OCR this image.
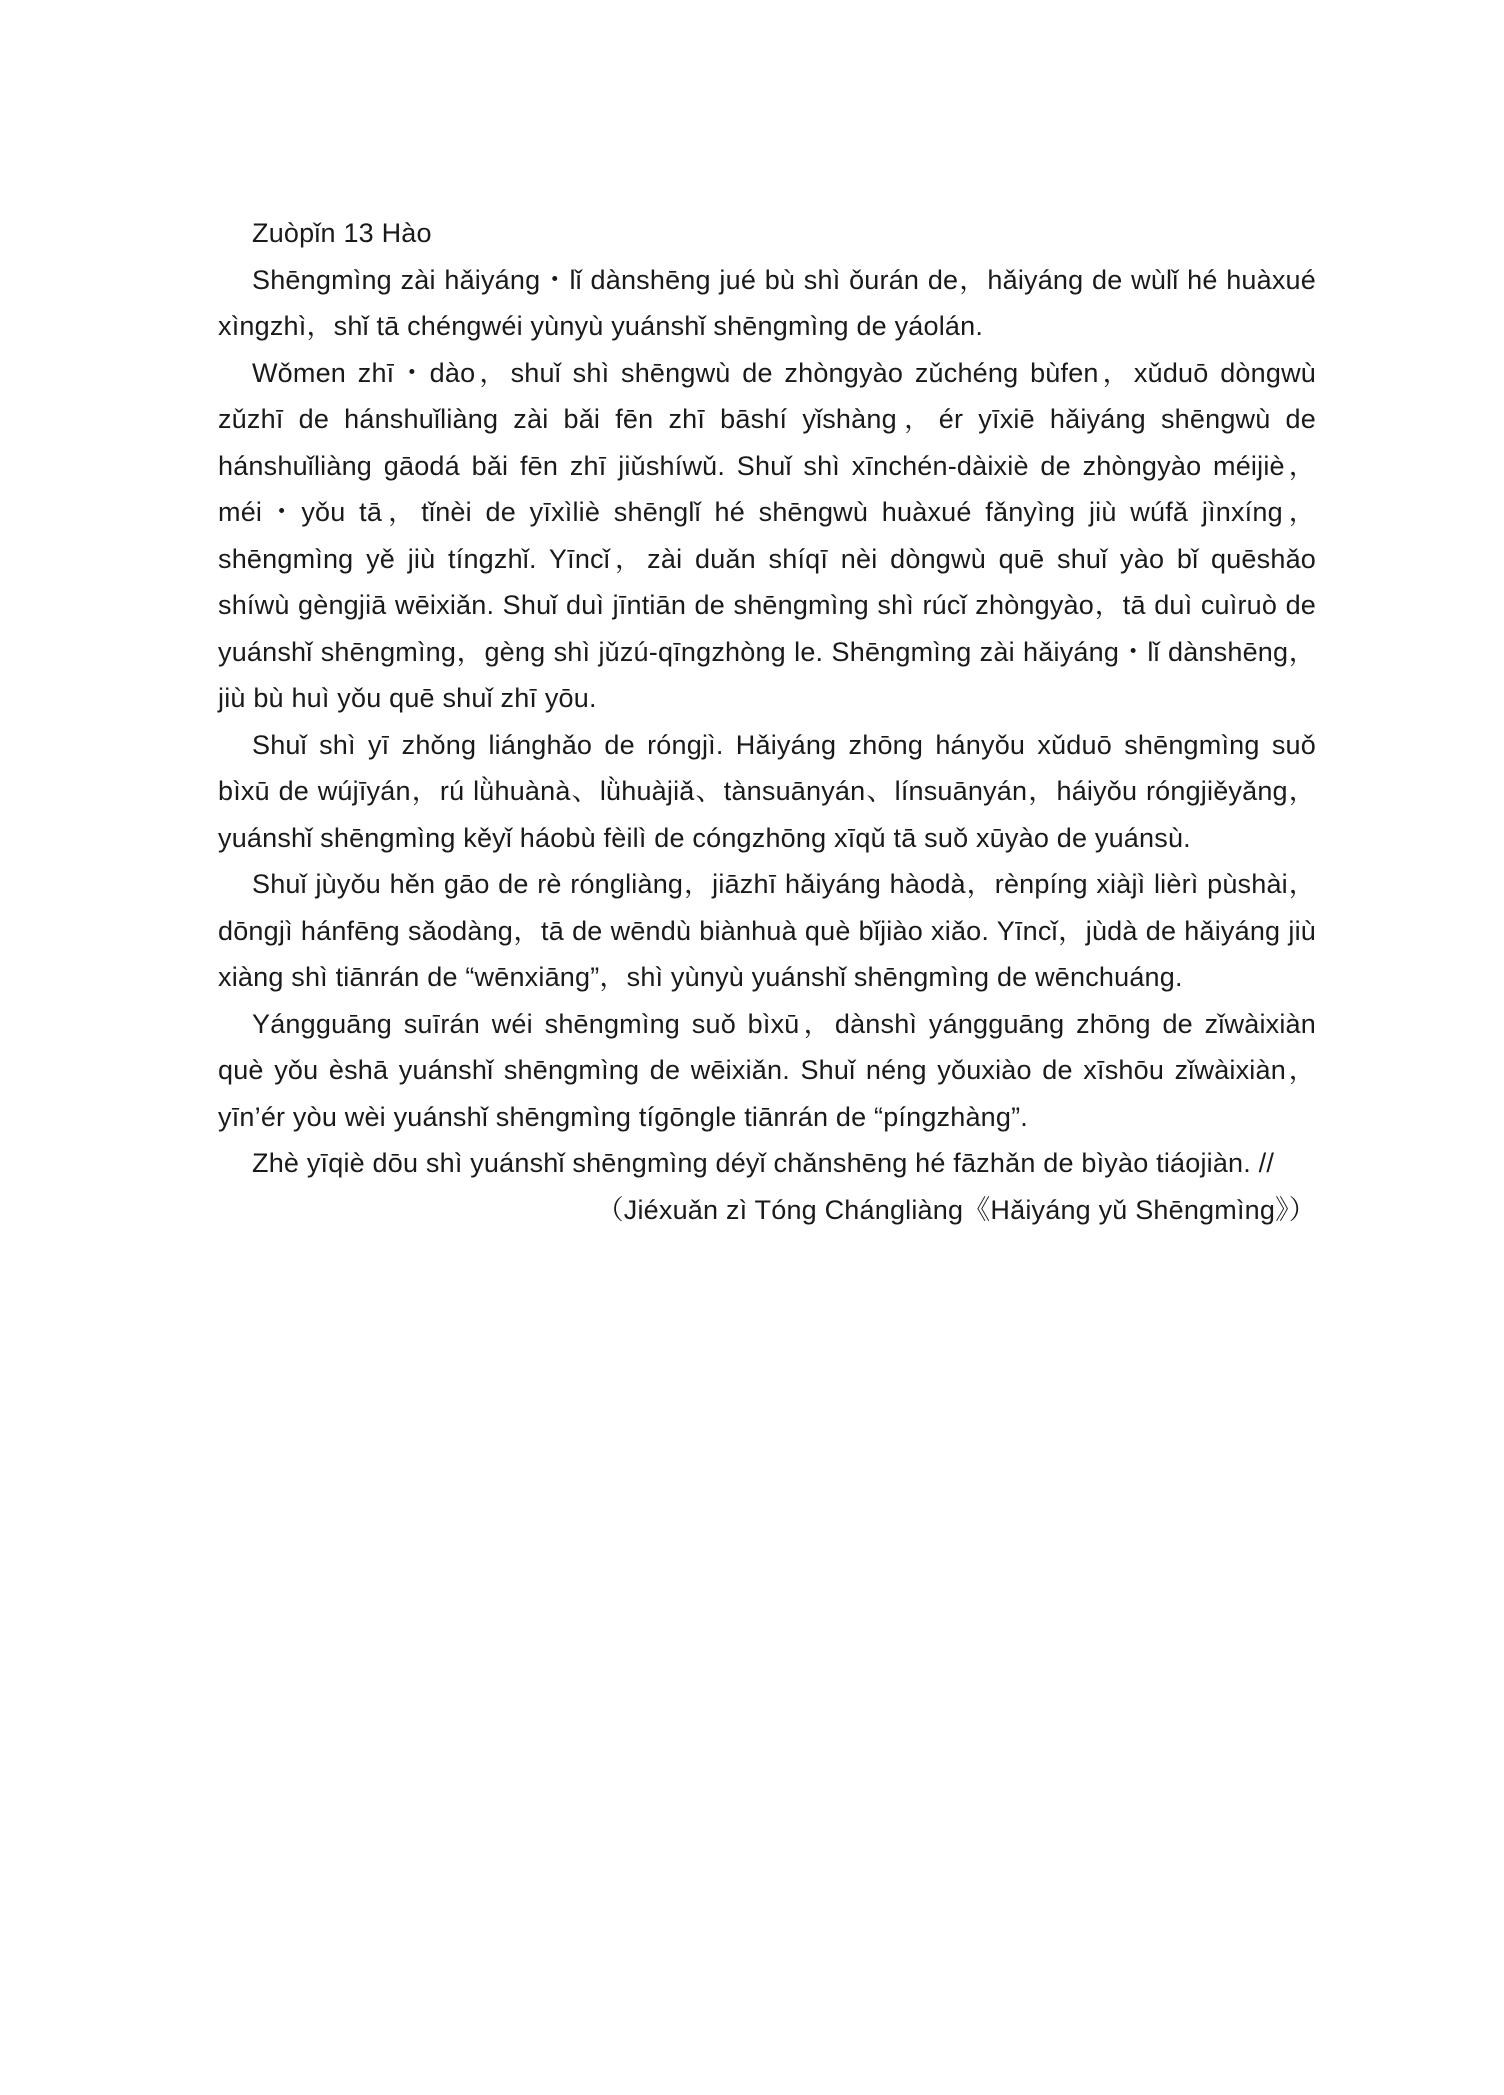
Zuòpǐn 13 Hào

Shēngmìng zài hǎiyáng・lǐ dànshēng jué bù shì ǒurán de，hǎiyáng de wùlǐ hé huàxué xìngzhì，shǐ tā chéngwéi yùnyù yuánshǐ shēngmìng de yáolán.

Wǒmen zhī・dào，shuǐ shì shēngwù de zhòngyào zǔchéng bùfen，xǔduō dòngwù zǔzhī de hánshuǐliàng zài bǎi fēn zhī bāshí yǐshàng，ér yīxiē hǎiyáng shēngwù de hánshuǐliàng gāodá bǎi fēn zhī jiǔshíwǔ. Shuǐ shì xīnchén-dàixiè de zhòngyào méijiè，méi・yǒu tā，tǐnèi de yīxìliè shēnglǐ hé shēngwù huàxué fǎnyìng jiù wúfǎ jìnxíng，shēngmìng yě jiù tíngzhǐ. Yīncǐ，zài duǎn shíqī nèi dòngwù quē shuǐ yào bǐ quēshǎo shíwù gèngjiā wēixiǎn. Shuǐ duì jīntiān de shēngmìng shì rúcǐ zhòngyào，tā duì cuìruò de yuánshǐ shēngmìng，gèng shì jǔzú-qīngzhòng le. Shēngmìng zài hǎiyáng・lǐ dànshēng，jiù bù huì yǒu quē shuǐ zhī yōu.

Shuǐ shì yī zhǒng liánghǎo de róngjì. Hǎiyáng zhōng hányǒu xǔduō shēngmìng suǒ bìxū de wújīyán，rú lǜhuànà、lǜhuàjiǎ、tànsuānyán、línsuānyán，háiyǒu róngjiěyǎng，yuánshǐ shēngmìng kěyǐ háobù fèilì de cóngzhōng xīqǔ tā suǒ xūyào de yuánsù.

Shuǐ jùyǒu hěn gāo de rè róngliàng，jiāzhī hǎiyáng hàodà，rènpíng xiàjì lièrì pùshài，dōngjì hánfēng sǎodàng，tā de wēndù biànhuà què bǐjiào xiǎo. Yīncǐ，jùdà de hǎiyáng jiù xiàng shì tiānrán de “wēnxiāng”，shì yùnyù yuánshǐ shēngmìng de wēnchuáng.

Yángguāng suīrán wéi shēngmìng suǒ bìxū，dànshì yángguāng zhōng de zǐwàixiàn què yǒu èshā yuánshǐ shēngmìng de wēixiǎn. Shuǐ néng yǒuxiào de xīshōu zǐwàixiàn，yīn’ér yòu wèi yuánshǐ shēngmìng tígōngle tiānrán de “píngzhàng”.

Zhè yīqiè dōu shì yuánshǐ shēngmìng déyǐ chǎnshēng hé fāzhǎn de bìyào tiáojiàn. //

（Jiéxuǎn zì Tóng Chángliàng《Hǎiyáng yǔ Shēngmìng》）
